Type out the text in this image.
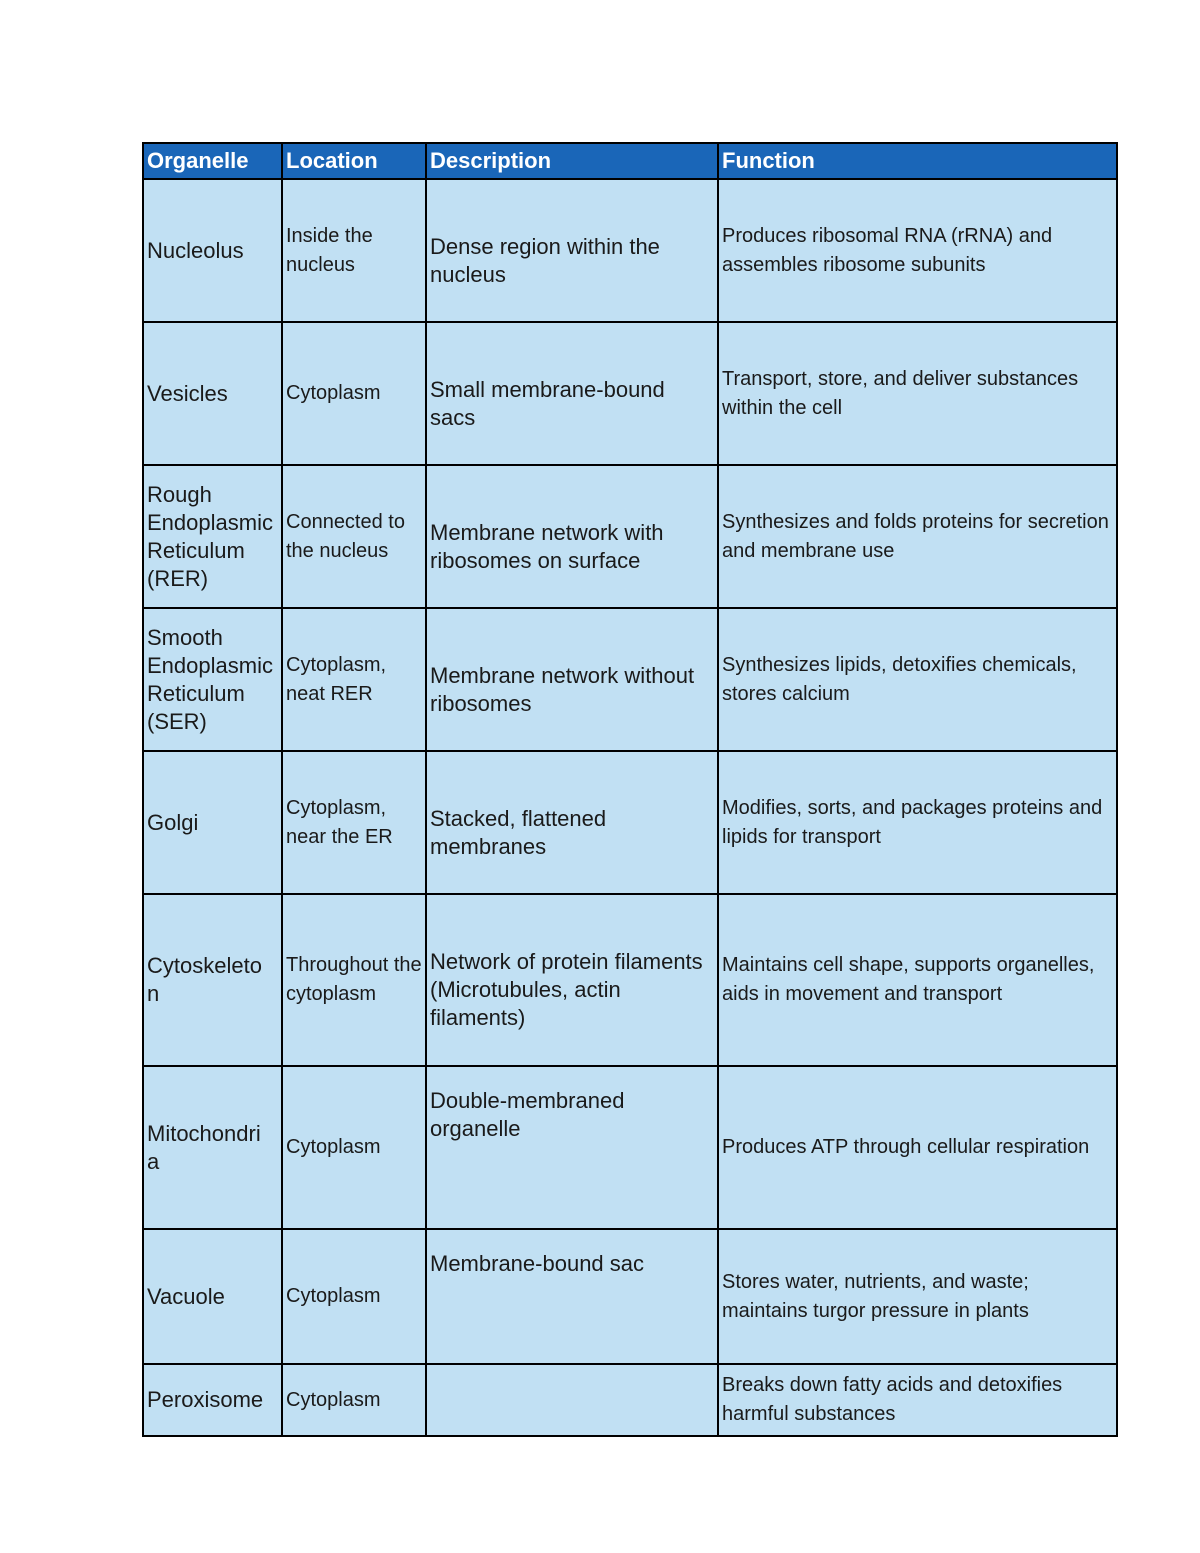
Organelle	Location	Description	Function
Nucleolus	Inside the nucleus	Dense region within the nucleus	Produces ribosomal RNA (rRNA) and assembles ribosome subunits
Vesicles	Cytoplasm	Small membrane-bound sacs	Transport, store, and deliver substances within the cell
Rough Endoplasmic Reticulum (RER)	Connected to the nucleus	Membrane network with ribosomes on surface	Synthesizes and folds proteins for secretion and membrane use
Smooth Endoplasmic Reticulum (SER)	Cytoplasm, neat RER	Membrane network without ribosomes	Synthesizes lipids, detoxifies chemicals, stores calcium
Golgi	Cytoplasm, near the ER	Stacked, flattened membranes	Modifies, sorts, and packages proteins and lipids for transport
Cytoskeleto n	Throughout the cytoplasm	Network of protein filaments (Microtubules, actin filaments)	Maintains cell shape, supports organelles, aids in movement and transport
Mitochondri a	Cytoplasm	Double-membraned organelle	Produces ATP through cellular respiration
Vacuole	Cytoplasm	Membrane-bound sac	Stores water, nutrients, and waste; maintains turgor pressure in plants
Peroxisome	Cytoplasm		Breaks down fatty acids and detoxifies harmful substances
